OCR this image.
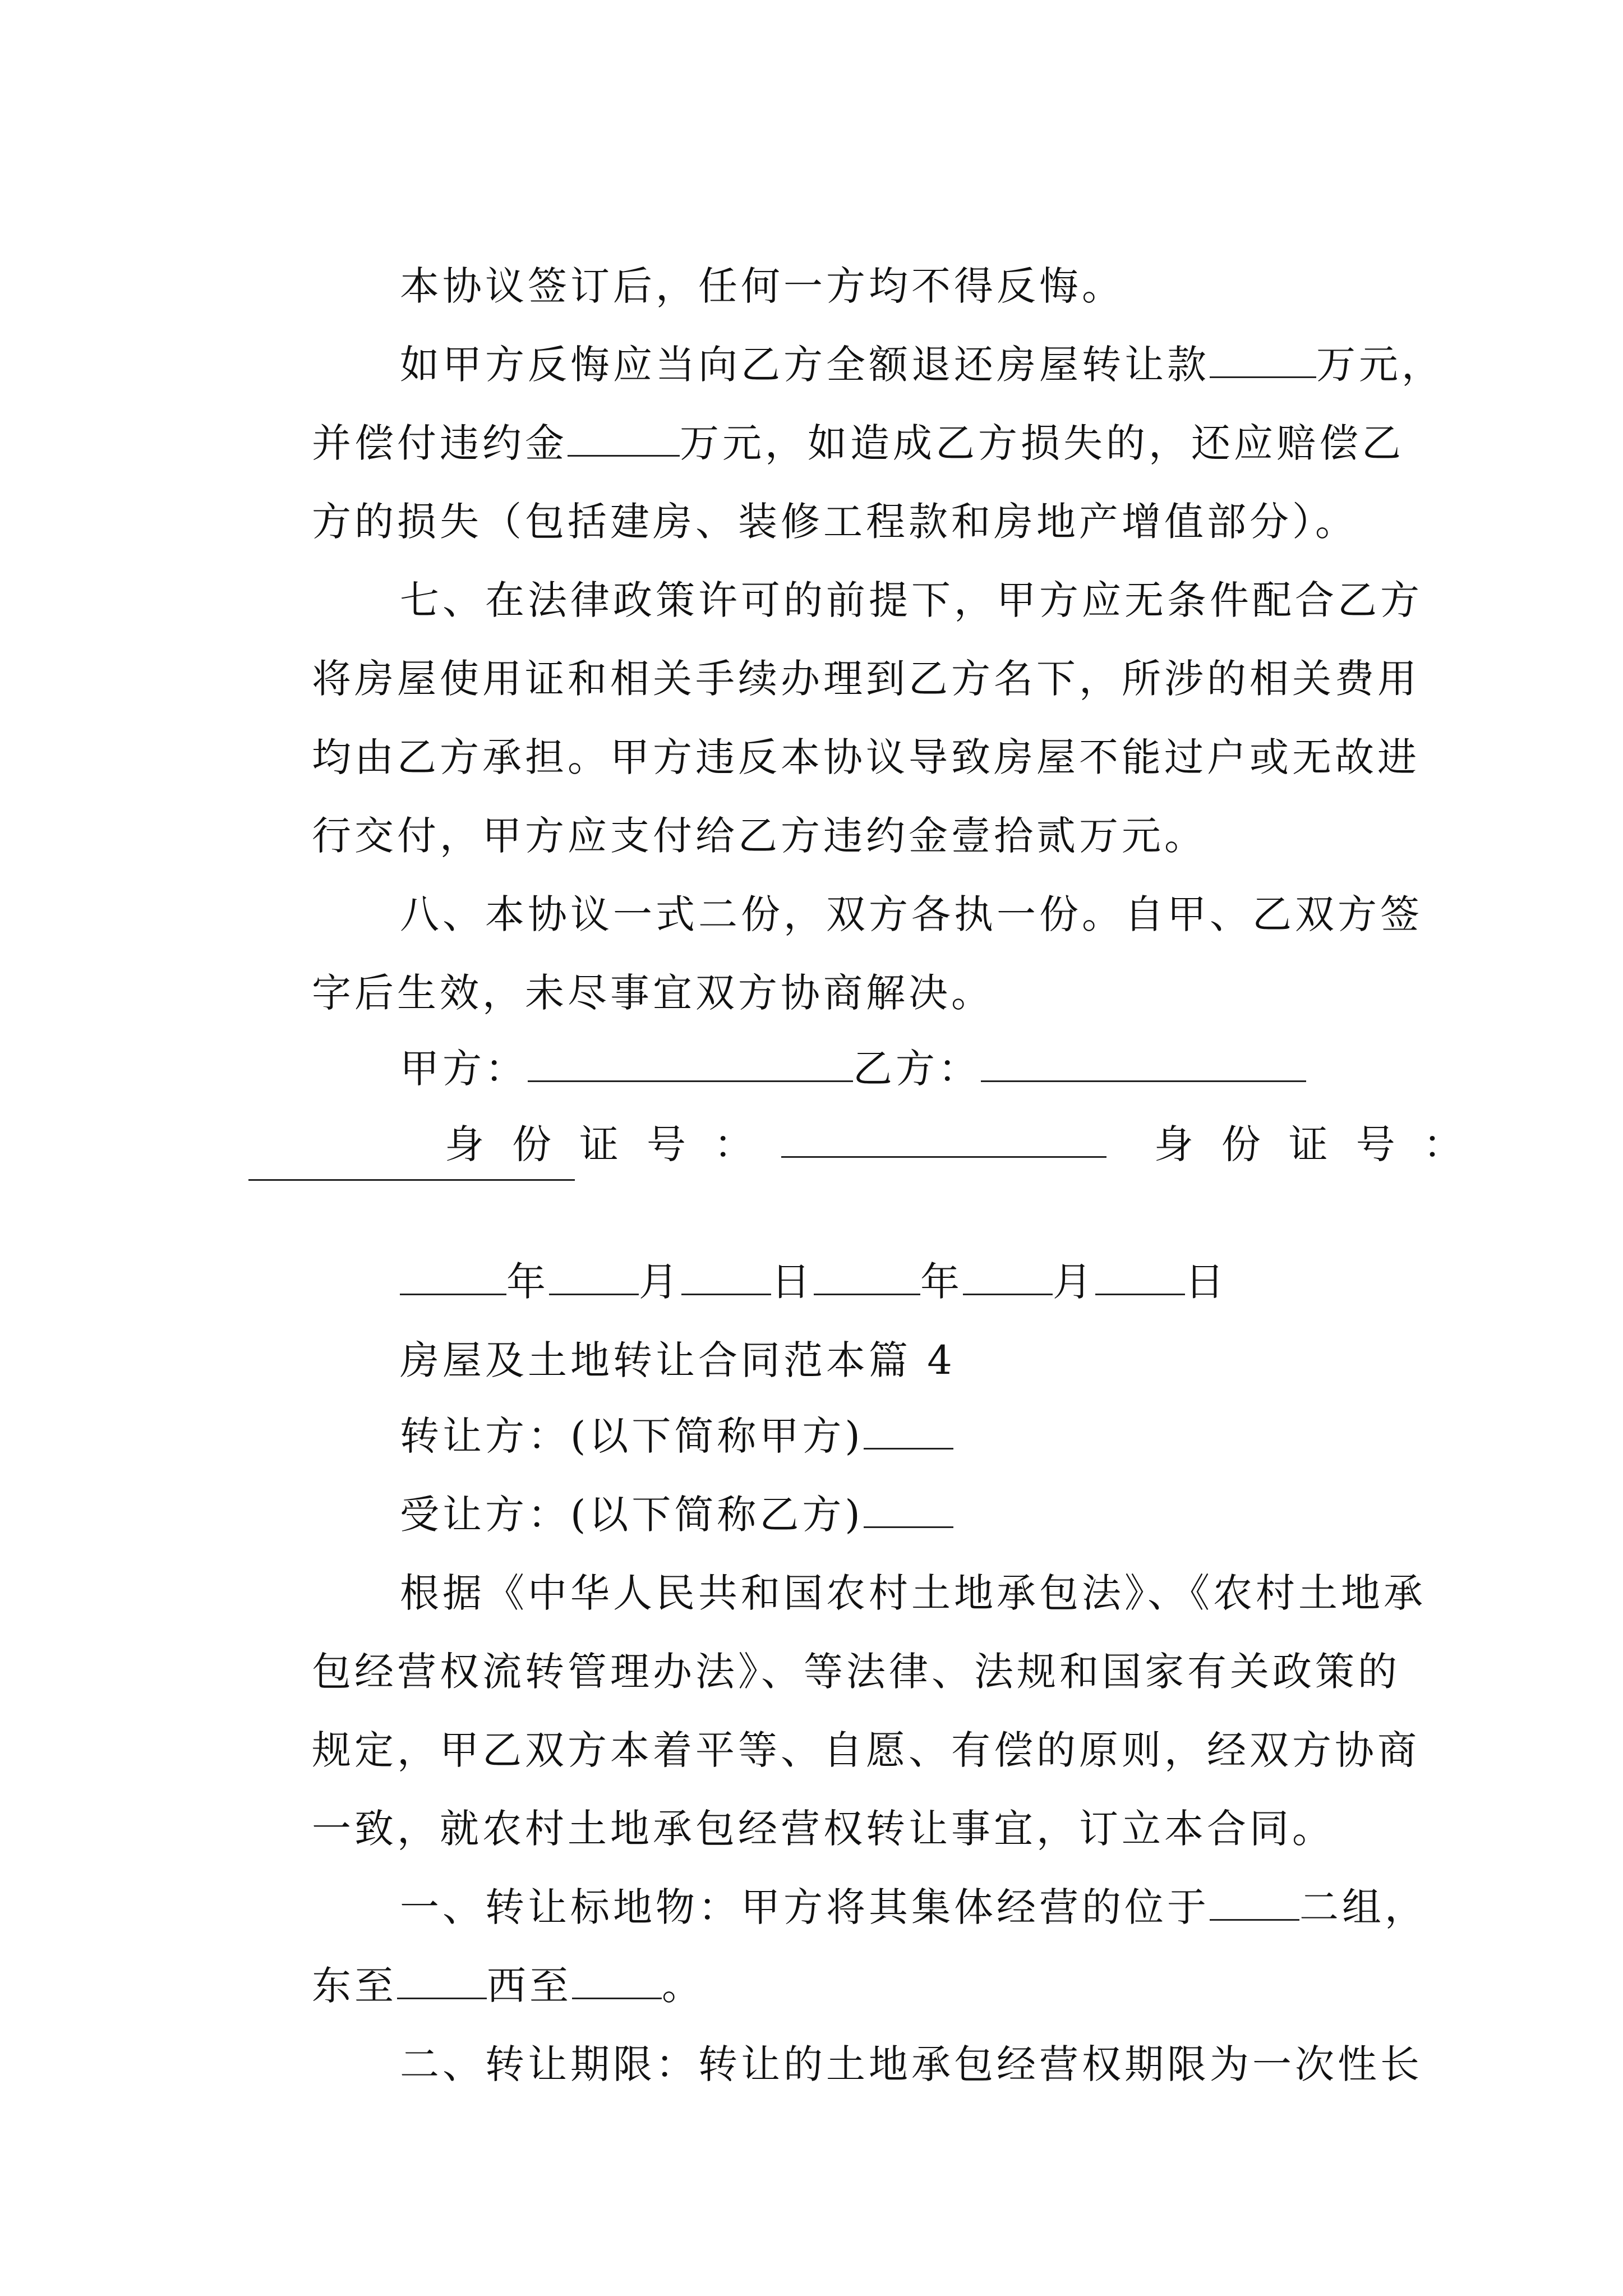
本协议签订后，任何一方均不得反悔。

如甲方反悔应当向乙方全额退还房屋转让款	万元，

并偿付违约金	万元，如造成乙方损失的，还应赔偿乙

方的损失（包括建房、装修工程款和房地产增值部分）。

七、在法律政策许可的前提下，甲方应无条件配合乙方

将房屋使用证和相关手续办理到乙方名下，所涉的相关费用

均由乙方承担。甲方违反本协议导致房屋不能过户或无故进

行交付，甲方应支付给乙方违约金壹拾贰万元。

八、本协议一式二份，双方各执一份。自甲、乙双方签

字后生效，未尽事宜双方协商解决。

甲方：	乙方：

身份证号：	身份证号：

年 月 日	年 月 日

房屋及土地转让合同范本篇 4

转让方：(以下简称甲方)

受让方：(以下简称乙方)

根据《中华人民共和国农村土地承包法》、《农村土地承

包经营权流转管理办法》、等法律、法规和国家有关政策的

规定，甲乙双方本着平等、自愿、有偿的原则，经双方协商

一致，就农村土地承包经营权转让事宜，订立本合同。

一、转让标地物：甲方将其集体经营的位于 二组，

东至 西至 。

二、转让期限：转让的土地承包经营权期限为一次性长
